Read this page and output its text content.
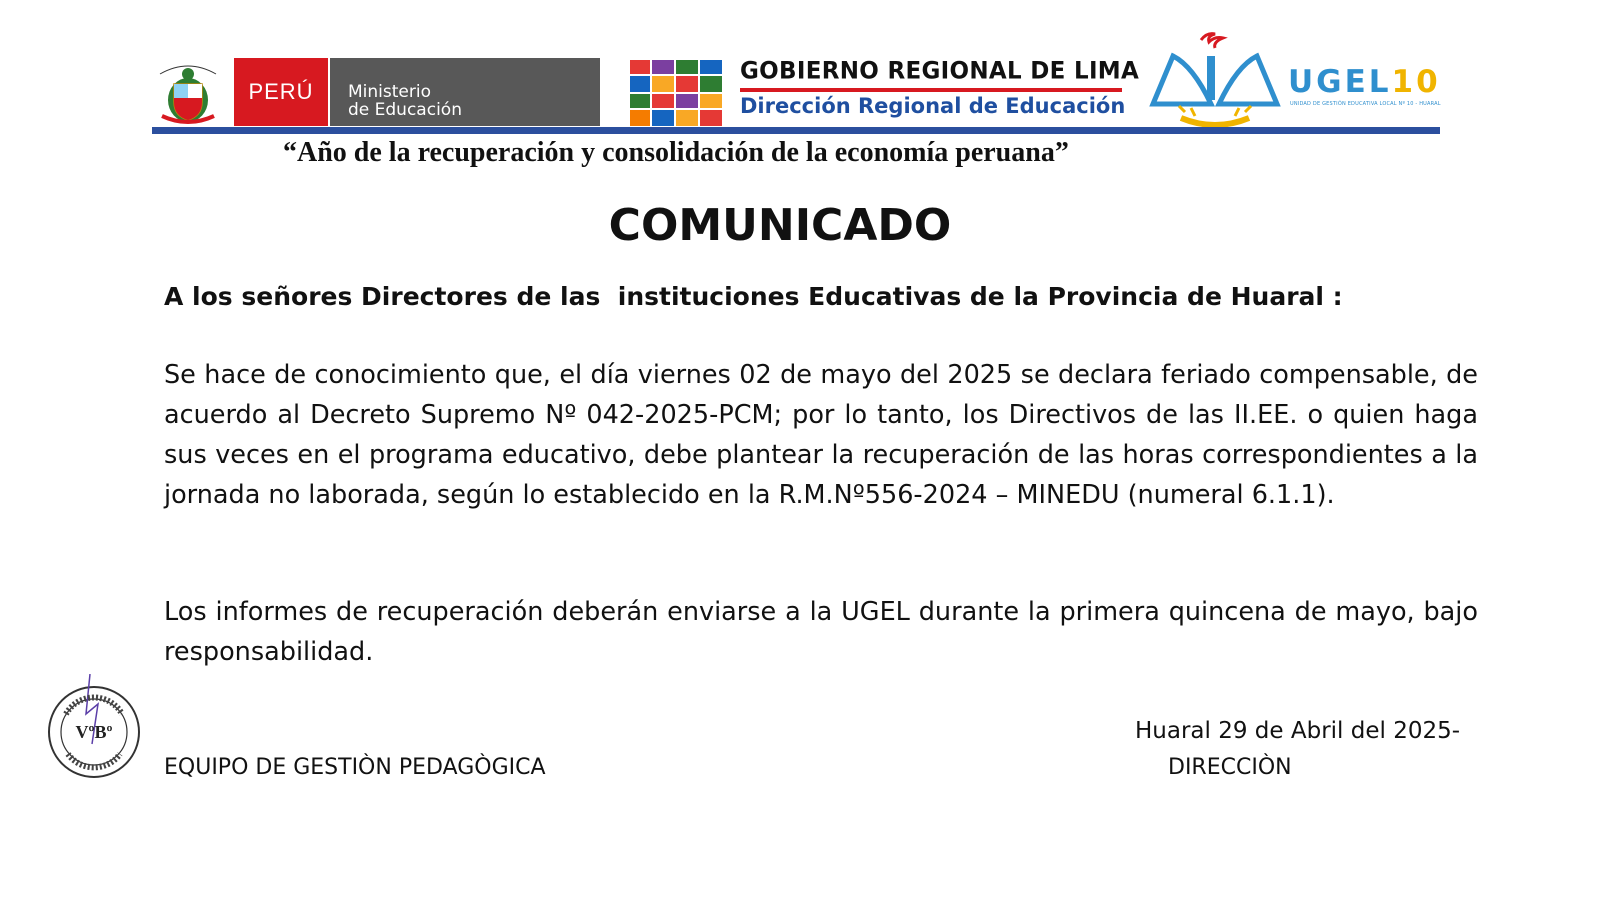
PERÚ	Ministerio
de Educación
GOBIERNO REGIONAL DE LIMA
Dirección Regional de Educación
UGEL10
UNIDAD DE GESTIÓN EDUCATIVA LOCAL Nº 10 - HUARAL
“Año de la recuperación y consolidación de la economía peruana”
COMUNICADO
A los señores Directores de las  instituciones Educativas de la Provincia de Huaral :
Se hace de conocimiento que, el día viernes 02 de mayo del 2025 se declara feriado compensable, de acuerdo al Decreto Supremo Nº 042-2025-PCM; por lo tanto, los Directivos de las II.EE. o quien haga sus veces en el programa educativo, debe plantear la recuperación de las horas correspondientes a la jornada no laborada, según lo establecido en la R.M.Nº556-2024 – MINEDU (numeral 6.1.1).
Los informes de recuperación deberán enviarse a la UGEL durante la primera quincena de mayo, bajo responsabilidad.
VºBº
EQUIPO DE GESTIÒN PEDAGÒGICA
Huaral 29 de Abril del 2025-
DIRECCIÒN
